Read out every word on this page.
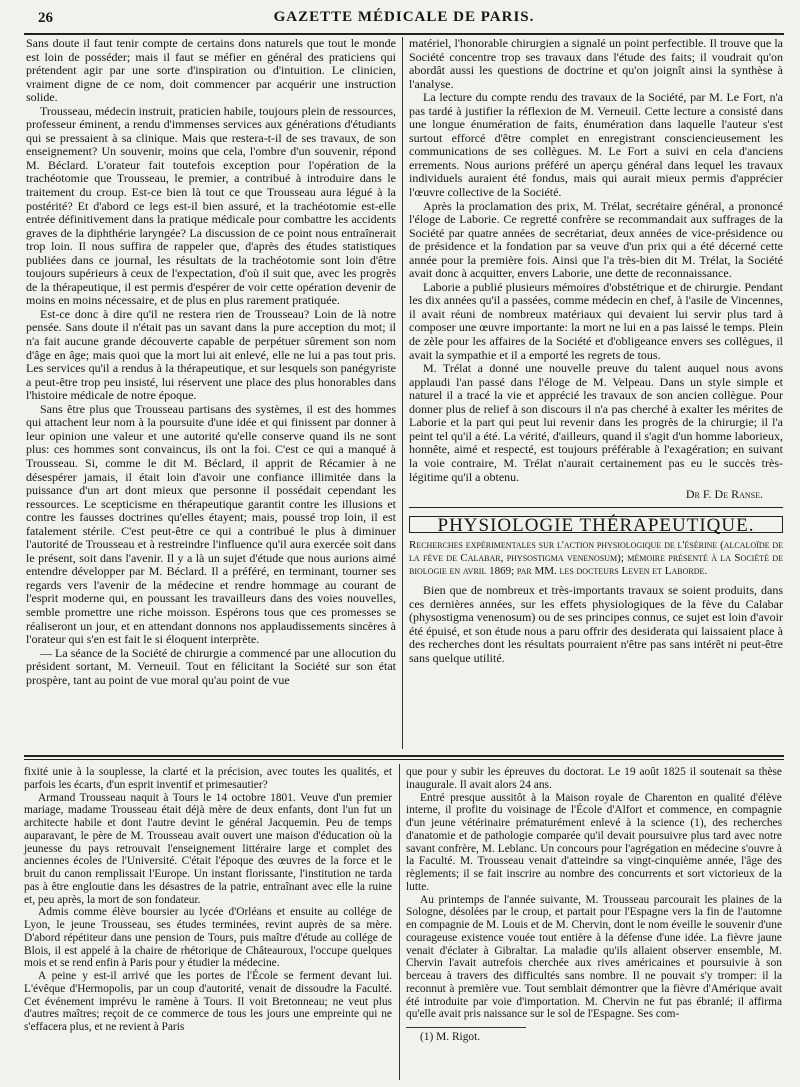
26	GAZETTE MÉDICALE DE PARIS.

Sans doute il faut tenir compte de certains dons naturels que tout le monde est loin de posséder; mais il faut se méfier en général des praticiens qui prétendent agir par une sorte d'inspiration ou d'intuition. Le clinicien, vraiment digne de ce nom, doit commencer par acquérir une instruction solide.

Trousseau, médecin instruit, praticien habile, toujours plein de ressources, professeur éminent, a rendu d'immenses services aux générations d'étudiants qui se pressaient à sa clinique. Mais que restera-t-il de ses travaux, de son enseignement? Un souvenir, moins que cela, l'ombre d'un souvenir, répond M. Béclard. L'orateur fait toutefois exception pour l'opération de la trachéotomie que Trousseau, le premier, a contribué à introduire dans le traitement du croup. Est-ce bien là tout ce que Trousseau aura légué à la postérité? Et d'abord ce legs est-il bien assuré, et la trachéotomie est-elle entrée définitivement dans la pratique médicale pour combattre les accidents graves de la diphthérie laryngée? La discussion de ce point nous entraînerait trop loin. Il nous suffira de rappeler que, d'après des études statistiques publiées dans ce journal, les résultats de la trachéotomie sont loin d'être toujours supérieurs à ceux de l'expectation, d'où il suit que, avec les progrès de la thérapeutique, il est permis d'espérer de voir cette opération devenir de moins en moins nécessaire, et de plus en plus rarement pratiquée.

Est-ce donc à dire qu'il ne restera rien de Trousseau? Loin de là notre pensée. Sans doute il n'était pas un savant dans la pure acception du mot; il n'a fait aucune grande découverte capable de perpétuer sûrement son nom d'âge en âge; mais quoi que la mort lui ait enlevé, elle ne lui a pas tout pris. Les services qu'il a rendus à la thérapeutique, et sur lesquels son panégyriste a peut-être trop peu insisté, lui réservent une place des plus honorables dans l'histoire médicale de notre époque.

Sans être plus que Trousseau partisans des systèmes, il est des hommes qui attachent leur nom à la poursuite d'une idée et qui finissent par donner à leur opinion une valeur et une autorité qu'elle conserve quand ils ne sont plus: ces hommes sont convaincus, ils ont la foi. C'est ce qui a manqué à Trousseau. Si, comme le dit M. Béclard, il apprit de Récamier à ne désespérer jamais, il était loin d'avoir une confiance illimitée dans la puissance d'un art dont mieux que personne il possédait cependant les ressources. Le scepticisme en thérapeutique garantit contre les illusions et contre les fausses doctrines qu'elles étayent; mais, poussé trop loin, il est fatalement stérile. C'est peut-être ce qui a contribué le plus à diminuer l'autorité de Trousseau et à restreindre l'influence qu'il aura exercée soit dans le présent, soit dans l'avenir. Il y a là un sujet d'étude que nous aurions aimé entendre développer par M. Béclard. Il a préféré, en terminant, tourner ses regards vers l'avenir de la médecine et rendre hommage au courant de l'esprit moderne qui, en poussant les travailleurs dans des voies nouvelles, semble promettre une riche moisson. Espérons tous que ces promesses se réaliseront un jour, et en attendant donnons nos applaudissements sincères à l'orateur qui s'en est fait le si éloquent interprète.

— La séance de la Société de chirurgie a commencé par une allocution du président sortant, M. Verneuil. Tout en félicitant la Société sur son état prospère, tant au point de vue moral qu'au point de vue

matériel, l'honorable chirurgien a signalé un point perfectible. Il trouve que la Société concentre trop ses travaux dans l'étude des faits; il voudrait qu'on abordât aussi les questions de doctrine et qu'on joignît ainsi la synthèse à l'analyse.

La lecture du compte rendu des travaux de la Société, par M. Le Fort, n'a pas tardé à justifier la réflexion de M. Verneuil. Cette lecture a consisté dans une longue énumération de faits, énumération dans laquelle l'auteur s'est surtout efforcé d'être complet en enregistrant consciencieusement les communications de ses collègues. M. Le Fort a suivi en cela d'anciens errements. Nous aurions préféré un aperçu général dans lequel les travaux individuels auraient été fondus, mais qui aurait mieux permis d'apprécier l'œuvre collective de la Société.

Après la proclamation des prix, M. Trélat, secrétaire général, a prononcé l'éloge de Laborie. Ce regretté confrère se recommandait aux suffrages de la Société par quatre années de secrétariat, deux années de vice-présidence ou de présidence et la fondation par sa veuve d'un prix qui a été décerné cette année pour la première fois. Ainsi que l'a très-bien dit M. Trélat, la Société avait donc à acquitter, envers Laborie, une dette de reconnaissance.

Laborie a publié plusieurs mémoires d'obstétrique et de chirurgie. Pendant les dix années qu'il a passées, comme médecin en chef, à l'asile de Vincennes, il avait réuni de nombreux matériaux qui devaient lui servir plus tard à composer une œuvre importante: la mort ne lui en a pas laissé le temps. Plein de zèle pour les affaires de la Société et d'obligeance envers ses collègues, il avait la sympathie et il a emporté les regrets de tous.

M. Trélat a donné une nouvelle preuve du talent auquel nous avons applaudi l'an passé dans l'éloge de M. Velpeau. Dans un style simple et naturel il a tracé la vie et apprécié les travaux de son ancien collègue. Pour donner plus de relief à son discours il n'a pas cherché à exalter les mérites de Laborie et la part qui peut lui revenir dans les progrès de la chirurgie; il l'a peint tel qu'il a été. La vérité, d'ailleurs, quand il s'agit d'un homme laborieux, honnête, aimé et respecté, est toujours préférable à l'exagération; en suivant la voie contraire, M. Trélat n'aurait certainement pas eu le succès très-légitime qu'il a obtenu.

Dr F. De Ranse.
PHYSIOLOGIE THÉRAPEUTIQUE.
Recherches expérimentales sur l'action physiologique de l'ésérine (alcaloïde de la fève de Calabar, physostigma venenosum); mémoire présenté à la Société de biologie en avril 1869; par MM. les docteurs Leven et Laborde.

Bien que de nombreux et très-importants travaux se soient produits, dans ces dernières années, sur les effets physiologiques de la fève du Calabar (physostigma venenosum) ou de ses principes connus, ce sujet est loin d'avoir été épuisé, et son étude nous a paru offrir des desiderata qui laissaient place à des recherches dont les résultats pourraient n'être pas sans intérêt ni peut-être sans quelque utilité.

fixité unie à la souplesse, la clarté et la précision, avec toutes les qualités, et parfois les écarts, d'un esprit inventif et primesautier?

Armand Trousseau naquit à Tours le 14 octobre 1801. Veuve d'un premier mariage, madame Trousseau était déjà mère de deux enfants, dont l'un fut un architecte habile et dont l'autre devint le général Jacquemin. Peu de temps auparavant, le père de M. Trousseau avait ouvert une maison d'éducation où la jeunesse du pays retrouvait l'enseignement littéraire large et complet des anciennes écoles de l'Université. C'était l'époque des œuvres de la force et le bruit du canon remplissait l'Europe. Un instant florissante, l'institution ne tarda pas à être engloutie dans les désastres de la patrie, entraînant avec elle la ruine et, peu après, la mort de son fondateur.

Admis comme élève boursier au lycée d'Orléans et ensuite au collége de Lyon, le jeune Trousseau, ses études terminées, revint auprès de sa mère. D'abord répétiteur dans une pension de Tours, puis maître d'étude au collége de Blois, il est appelé à la chaire de rhétorique de Châteauroux, l'occupe quelques mois et se rend enfin à Paris pour y étudier la médecine.

A peine y est-il arrivé que les portes de l'École se ferment devant lui. L'évêque d'Hermopolis, par un coup d'autorité, venait de dissoudre la Faculté. Cet événement imprévu le ramène à Tours. Il voit Bretonneau; ne veut plus d'autres maîtres; reçoit de ce commerce de tous les jours une empreinte qui ne s'effacera plus, et ne revient à Paris

que pour y subir les épreuves du doctorat. Le 19 août 1825 il soutenait sa thèse inaugurale. Il avait alors 24 ans.

Entré presque aussitôt à la Maison royale de Charenton en qualité d'élève interne, il profite du voisinage de l'École d'Alfort et commence, en compagnie d'un jeune vétérinaire prématurément enlevé à la science (1), des recherches d'anatomie et de pathologie comparée qu'il devait poursuivre plus tard avec notre savant confrère, M. Leblanc. Un concours pour l'agrégation en médecine s'ouvre à la Faculté. M. Trousseau venait d'atteindre sa vingt-cinquième année, l'âge des règlements; il se fait inscrire au nombre des concurrents et sort victorieux de la lutte.

Au printemps de l'année suivante, M. Trousseau parcourait les plaines de la Sologne, désolées par le croup, et partait pour l'Espagne vers la fin de l'automne en compagnie de M. Louis et de M. Chervin, dont le nom éveille le souvenir d'une courageuse existence vouée tout entière à la défense d'une idée. La fièvre jaune venait d'éclater à Gibraltar. La maladie qu'ils allaient observer ensemble, M. Chervin l'avait autrefois cherchée aux rives américaines et poursuivie à son berceau à travers des difficultés sans nombre. Il ne pouvait s'y tromper: il la reconnut à première vue. Tout semblait démontrer que la fièvre d'Amérique avait été introduite par voie d'importation. M. Chervin ne fut pas ébranlé; il affirma qu'elle avait pris naissance sur le sol de l'Espagne. Ses com-

(1) M. Rigot.
